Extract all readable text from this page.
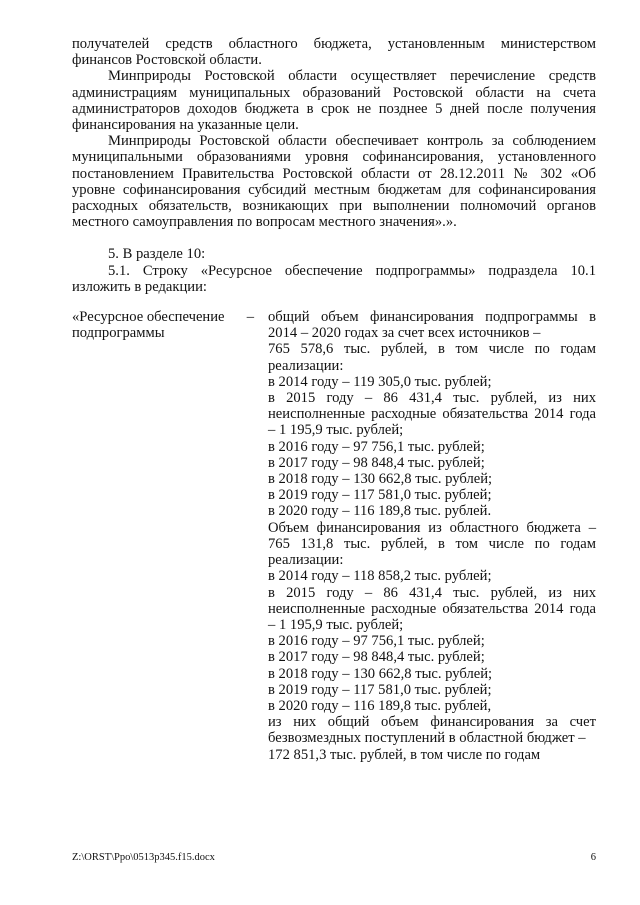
получателей средств областного бюджета, установленным министерством финансов Ростовской области.

Минприроды Ростовской области осуществляет перечисление средств администрациям муниципальных образований Ростовской области на счета администраторов доходов бюджета в срок не позднее 5 дней после получения финансирования на указанные цели.

Минприроды Ростовской области обеспечивает контроль за соблюдением муниципальными образованиями уровня софинансирования, установленного постановлением Правительства Ростовской области от 28.12.2011 № 302 «Об уровне софинансирования субсидий местным бюджетам для софинансирования расходных обязательств, возникающих при выполнении полномочий органов местного самоуправления по вопросам местного значения».».

5. В разделе 10:

5.1. Строку «Ресурсное обеспечение подпрограммы» подраздела 10.1 изложить в редакции:

«Ресурсное обеспечение подпрограммы
– общий объем финансирования подпрограммы в 2014 – 2020 годах за счет всех источников –
765 578,6 тыс. рублей, в том числе по годам реализации:
в 2014 году – 119 305,0 тыс. рублей;
в 2015 году – 86 431,4 тыс. рублей, из них неисполненные расходные обязательства 2014 года – 1 195,9 тыс. рублей;
в 2016 году – 97 756,1 тыс. рублей;
в 2017 году – 98 848,4 тыс. рублей;
в 2018 году – 130 662,8 тыс. рублей;
в 2019 году – 117 581,0 тыс. рублей;
в 2020 году – 116 189,8 тыс. рублей.
Объем финансирования из областного бюджета – 765 131,8 тыс. рублей, в том числе по годам реализации:
в 2014 году – 118 858,2 тыс. рублей;
в 2015 году – 86 431,4 тыс. рублей, из них неисполненные расходные обязательства 2014 года – 1 195,9 тыс. рублей;
в 2016 году – 97 756,1 тыс. рублей;
в 2017 году – 98 848,4 тыс. рублей;
в 2018 году – 130 662,8 тыс. рублей;
в 2019 году – 117 581,0 тыс. рублей;
в 2020 году – 116 189,8 тыс. рублей,
из них общий объем финансирования за счет безвозмездных поступлений в областной бюджет –
172 851,3 тыс. рублей, в том числе по годам
Z:\ORST\Ppo\0513p345.f15.docx	6
